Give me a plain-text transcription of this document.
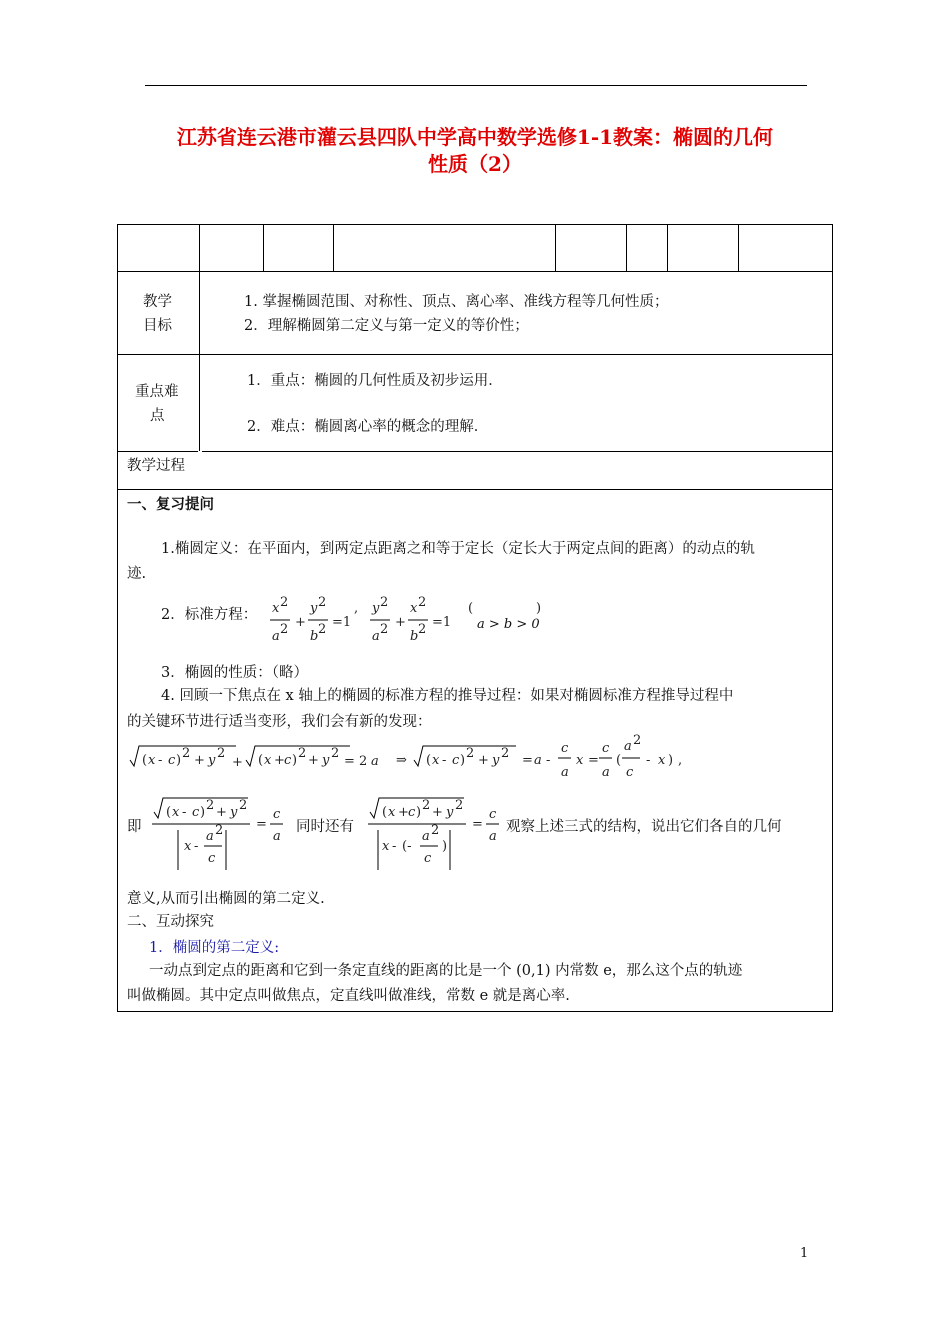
江苏省连云港市灌云县四队中学高中数学选修1-1教案：椭圆的几何
性质（2）
教学
目标
1. 掌握椭圆范围、对称性、顶点、离心率、准线方程等几何性质；
2．理解椭圆第二定义与第一定义的等价性；
重点难
点
1．重点：椭圆的几何性质及初步运用．
2．难点：椭圆离心率的概念的理解．
教学过程
一、复习提问
1.椭圆定义：在平面内，到两定点距离之和等于定长（定长大于两定点间的距离）的动点的轨
迹.
2．标准方程： x 2
a 2 +
y 2
b 2 =1
, y 2
a 2 +
x 2
b 2 =1
(	)
a > b > 0
3．椭圆的性质：（略）
4. 回顾一下焦点在 x 轴上的椭圆的标准方程的推导过程：如果对椭圆标准方程推导过程中
的关键环节进行适当变形，我们会有新的发现：
( x - c ) 2 + y 2
+ ( x + c ) 2 + y 2
= 2 a ⇒ ( x - c ) 2 + y 2 = a -
c
a
x =
c
a
(
a 2
c
- x ) ,
即
( x - c ) 2 + y 2
x -
a 2
c
=
c
a
同时还有
( x + c ) 2 + y 2
x - (-
a 2
c
)
=
c
a
观察上述三式的结构，说出它们各自的几何
意义,从而引出椭圆的第二定义.
二、互动探究
1．椭圆的第二定义:
一动点到定点的距离和它到一条定直线的距离的比是一个 (0,1) 内常数 e，那么这个点的轨迹
叫做椭圆。其中定点叫做焦点，定直线叫做准线，常数 e 就是离心率.
1
